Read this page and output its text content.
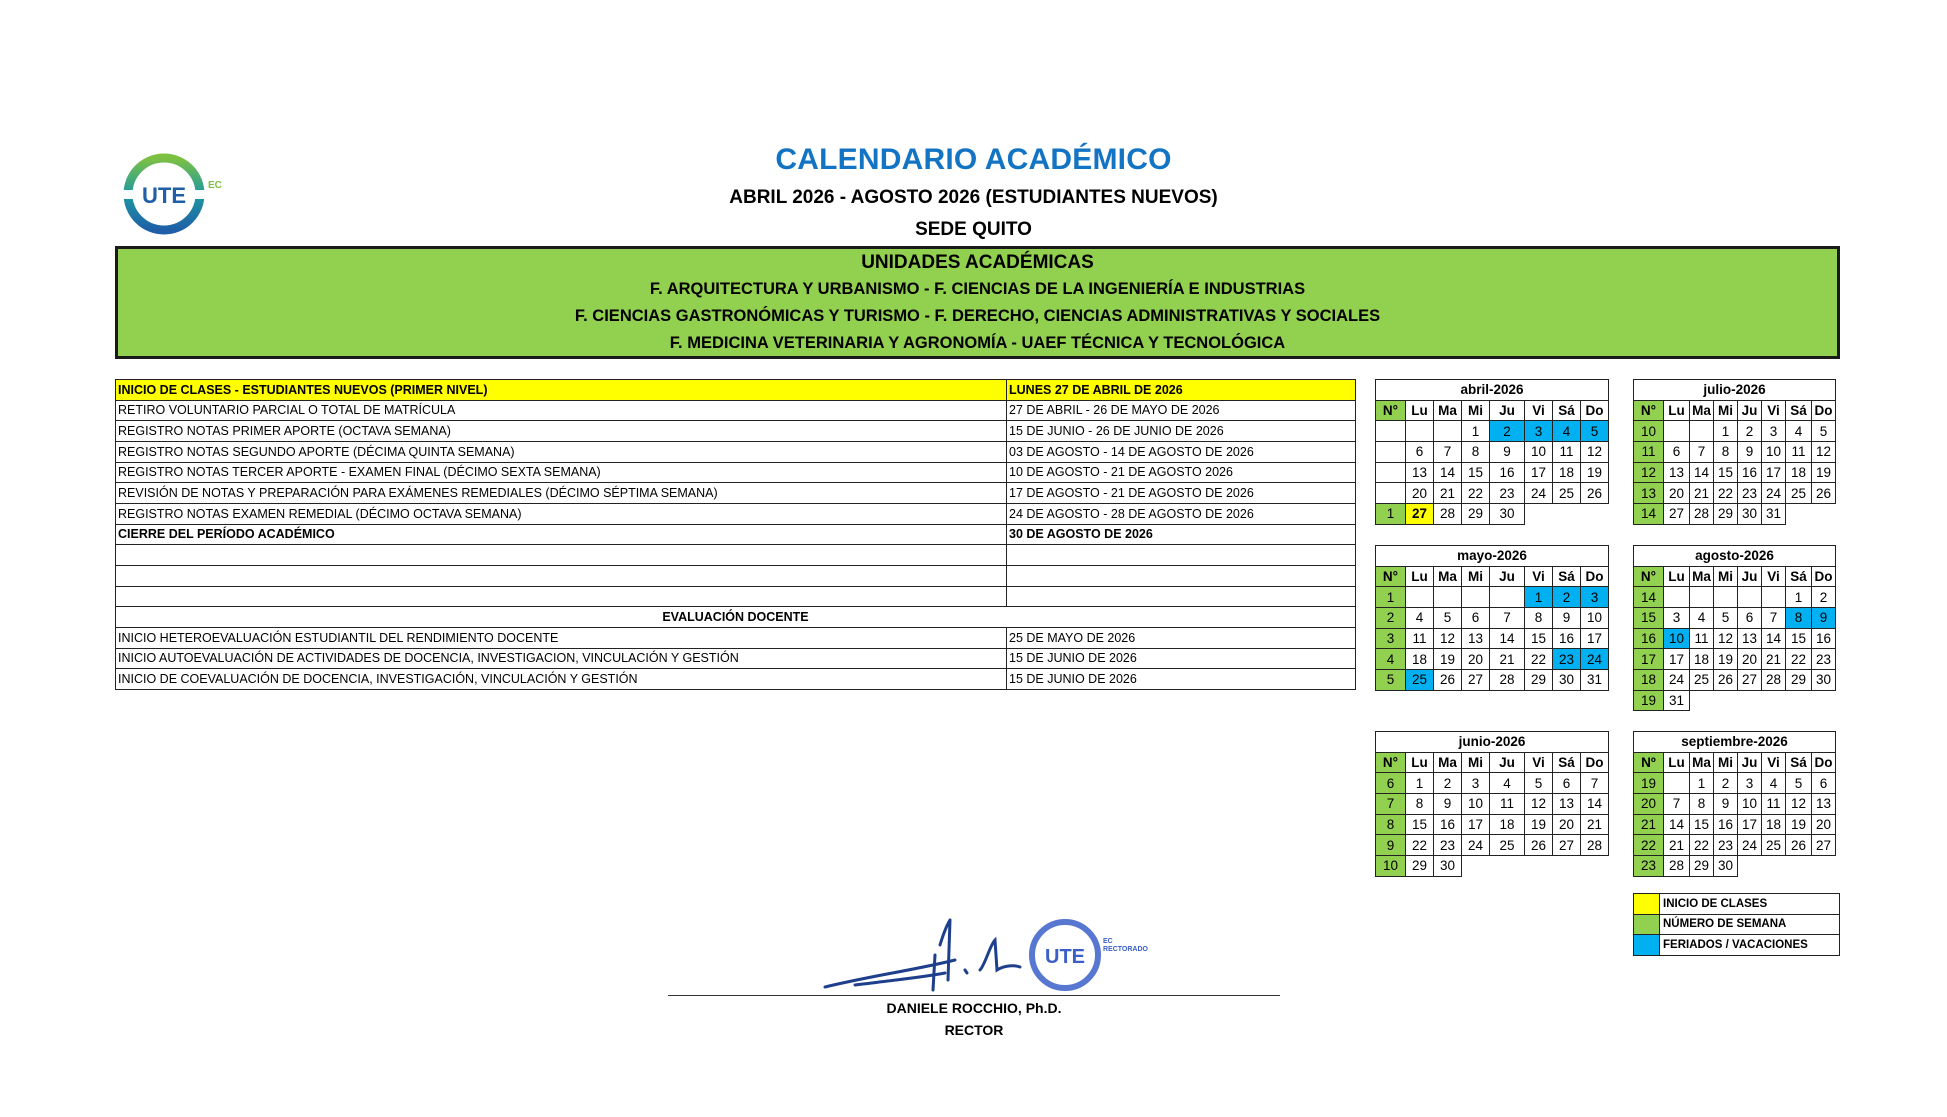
UTE EC
CALENDARIO ACADÉMICO
ABRIL 2026 - AGOSTO 2026 (ESTUDIANTES NUEVOS)
SEDE QUITO
UNIDADES ACADÉMICAS
F. ARQUITECTURA Y URBANISMO - F. CIENCIAS DE LA INGENIERÍA E INDUSTRIAS
F. CIENCIAS GASTRONÓMICAS Y TURISMO - F. DERECHO, CIENCIAS ADMINISTRATIVAS Y SOCIALES
F. MEDICINA VETERINARIA Y AGRONOMÍA - UAEF TÉCNICA Y TECNOLÓGICA
INICIO DE CLASES - ESTUDIANTES NUEVOS (PRIMER NIVEL)	LUNES 27 DE ABRIL DE 2026
RETIRO VOLUNTARIO PARCIAL O TOTAL DE MATRÍCULA	27 DE ABRIL - 26 DE MAYO DE 2026
REGISTRO NOTAS PRIMER APORTE (OCTAVA SEMANA)	15 DE JUNIO - 26 DE JUNIO DE 2026
REGISTRO NOTAS SEGUNDO APORTE (DÉCIMA QUINTA SEMANA)	03 DE AGOSTO - 14 DE AGOSTO DE 2026
REGISTRO NOTAS TERCER APORTE - EXAMEN FINAL (DÉCIMO SEXTA SEMANA)	10 DE AGOSTO - 21 DE AGOSTO 2026
REVISIÓN DE NOTAS Y PREPARACIÓN PARA EXÁMENES REMEDIALES (DÉCIMO SÉPTIMA SEMANA)	17 DE AGOSTO - 21 DE AGOSTO DE 2026
REGISTRO NOTAS EXAMEN REMEDIAL (DÉCIMO OCTAVA SEMANA)	24 DE AGOSTO - 28 DE AGOSTO DE 2026
CIERRE DEL PERÍODO ACADÉMICO	30 DE AGOSTO DE 2026

EVALUACIÓN DOCENTE	
INICIO HETEROEVALUACIÓN ESTUDIANTIL DEL RENDIMIENTO DOCENTE	25 DE MAYO DE 2026
INICIO AUTOEVALUACIÓN DE ACTIVIDADES DE DOCENCIA, INVESTIGACION, VINCULACIÓN Y GESTIÓN	15 DE JUNIO DE 2026
INICIO DE COEVALUACIÓN DE DOCENCIA, INVESTIGACIÓN, VINCULACIÓN Y GESTIÓN	15 DE JUNIO DE 2026
abril-2026							
N°	Lu	Ma	Mi	Ju	Vi	Sá	Do
			1	2	3	4	5
	6	7	8	9	10	11	12
	13	14	15	16	17	18	19
	20	21	22	23	24	25	26
1	27	28	29	30			
julio-2026							
N°	Lu	Ma	Mi	Ju	Vi	Sá	Do
10			1	2	3	4	5
11	6	7	8	9	10	11	12
12	13	14	15	16	17	18	19
13	20	21	22	23	24	25	26
14	27	28	29	30	31		
mayo-2026							
N°	Lu	Ma	Mi	Ju	Vi	Sá	Do
1					1	2	3
2	4	5	6	7	8	9	10
3	11	12	13	14	15	16	17
4	18	19	20	21	22	23	24
5	25	26	27	28	29	30	31
agosto-2026							
N°	Lu	Ma	Mi	Ju	Vi	Sá	Do
14						1	2
15	3	4	5	6	7	8	9
16	10	11	12	13	14	15	16
17	17	18	19	20	21	22	23
18	24	25	26	27	28	29	30
19	31						
junio-2026							
N°	Lu	Ma	Mi	Ju	Vi	Sá	Do
6	1	2	3	4	5	6	7
7	8	9	10	11	12	13	14
8	15	16	17	18	19	20	21
9	22	23	24	25	26	27	28
10	29	30					
septiembre-2026							
Nº	Lu	Ma	Mi	Ju	Vi	Sá	Do
19		1	2	3	4	5	6
20	7	8	9	10	11	12	13
21	14	15	16	17	18	19	20
22	21	22	23	24	25	26	27
23	28	29	30				
	INICIO DE CLASES
	NÚMERO DE SEMANA
	FERIADOS / VACACIONES
UTE
EC
RECTORADO
DANIELE ROCCHIO, Ph.D.
RECTOR
